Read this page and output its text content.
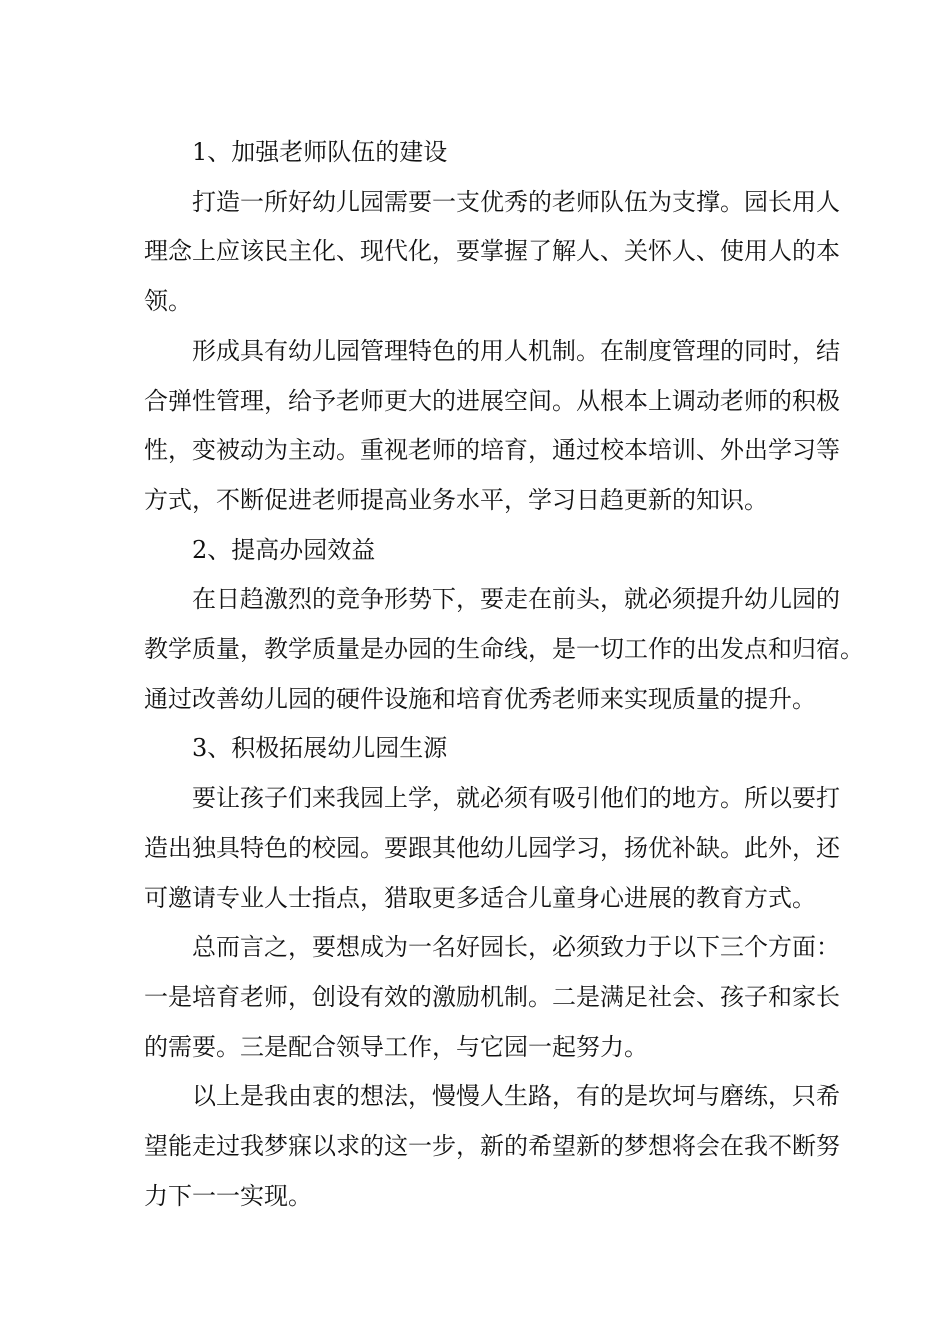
1、加强老师队伍的建设
打造一所好幼儿园需要一支优秀的老师队伍为支撑。园长用人
理念上应该民主化、现代化，要掌握了解人、关怀人、使用人的本
领。
形成具有幼儿园管理特色的用人机制。在制度管理的同时，结
合弹性管理，给予老师更大的进展空间。从根本上调动老师的积极
性，变被动为主动。重视老师的培育，通过校本培训、外出学习等
方式，不断促进老师提高业务水平，学习日趋更新的知识。
2、提高办园效益
在日趋激烈的竞争形势下，要走在前头，就必须提升幼儿园的
教学质量，教学质量是办园的生命线，是一切工作的出发点和归宿。
通过改善幼儿园的硬件设施和培育优秀老师来实现质量的提升。
3、积极拓展幼儿园生源
要让孩子们来我园上学，就必须有吸引他们的地方。所以要打
造出独具特色的校园。要跟其他幼儿园学习，扬优补缺。此外，还
可邀请专业人士指点，猎取更多适合儿童身心进展的教育方式。
总而言之，要想成为一名好园长，必须致力于以下三个方面：
一是培育老师，创设有效的激励机制。二是满足社会、孩子和家长
的需要。三是配合领导工作，与它园一起努力。
以上是我由衷的想法，慢慢人生路，有的是坎坷与磨练，只希
望能走过我梦寐以求的这一步，新的希望新的梦想将会在我不断努
力下一一实现。
